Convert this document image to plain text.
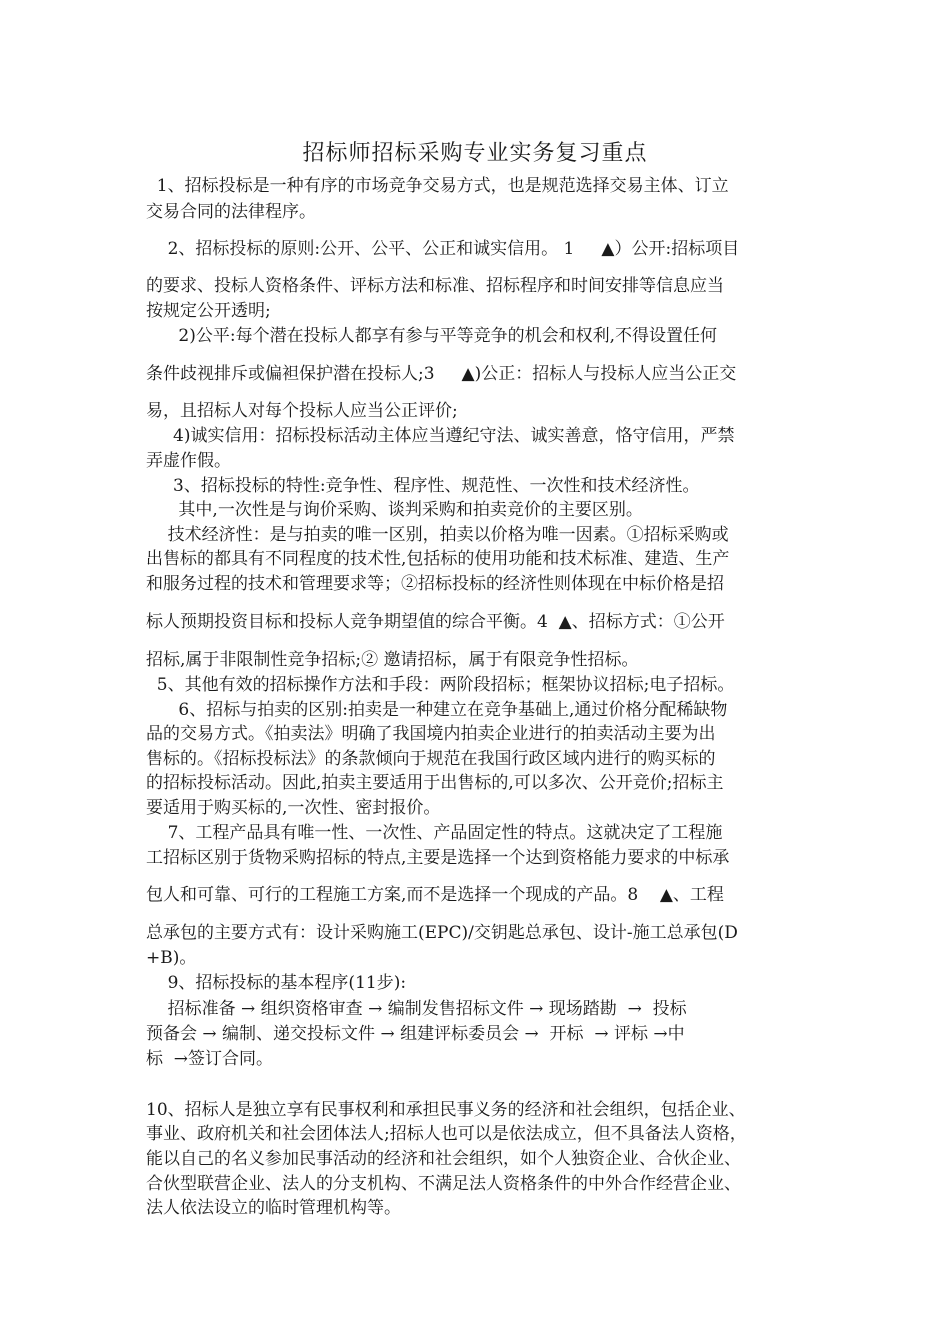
招标师招标采购专业实务复习重点
1、招标投标是一种有序的市场竞争交易方式，也是规范选择交易主体、订立
交易合同的法律程序。
2、招标投标的原则:公开、公平、公正和诚实信用。 1     ▲）公开:招标项目
的要求、投标人资格条件、评标方法和标准、招标程序和时间安排等信息应当
按规定公开透明;
2)公平:每个潜在投标人都享有参与平等竞争的机会和权利,不得设置任何
条件歧视排斥或偏袒保护潜在投标人;3     ▲)公正：招标人与投标人应当公正交
易，且招标人对每个投标人应当公正评价;
4)诚实信用：招标投标活动主体应当遵纪守法、诚实善意，恪守信用，严禁
弄虚作假。
3、招标投标的特性:竞争性、程序性、规范性、一次性和技术经济性。
其中,一次性是与询价采购、谈判采购和拍卖竞价的主要区别。
技术经济性：是与拍卖的唯一区别，拍卖以价格为唯一因素。①招标采购或
出售标的都具有不同程度的技术性,包括标的使用功能和技术标准、建造、生产
和服务过程的技术和管理要求等；②招标投标的经济性则体现在中标价格是招
标人预期投资目标和投标人竞争期望值的综合平衡。4  ▲、招标方式：①公开
招标,属于非限制性竞争招标;② 邀请招标，属于有限竞争性招标。
5、其他有效的招标操作方法和手段：两阶段招标；框架协议招标;电子招标。
6、招标与拍卖的区别:拍卖是一种建立在竞争基础上,通过价格分配稀缺物
品的交易方式。《拍卖法》明确了我国境内拍卖企业进行的拍卖活动主要为出
售标的。《招标投标法》的条款倾向于规范在我国行政区域内进行的购买标的
的招标投标活动。因此,拍卖主要适用于出售标的,可以多次、公开竞价;招标主
要适用于购买标的,一次性、密封报价。
7、工程产品具有唯一性、一次性、产品固定性的特点。这就决定了工程施
工招标区别于货物采购招标的特点,主要是选择一个达到资格能力要求的中标承
包人和可靠、可行的工程施工方案,而不是选择一个现成的产品。8    ▲、工程
总承包的主要方式有：设计采购施工(EPC)/交钥匙总承包、设计-施工总承包(D
+B)。
9、招标投标的基本程序(11步):
招标准备 → 组织资格审查 → 编制发售招标文件 → 现场踏勘  →  投标
预备会 → 编制、递交投标文件 → 组建评标委员会 →  开标  → 评标 →中
标  →签订合同。
10、招标人是独立享有民事权利和承担民事义务的经济和社会组织，包括企业、
事业、政府机关和社会团体法人;招标人也可以是依法成立，但不具备法人资格，
能以自己的名义参加民事活动的经济和社会组织，如个人独资企业、合伙企业、
合伙型联营企业、法人的分支机构、不满足法人资格条件的中外合作经营企业、
法人依法设立的临时管理机构等。
